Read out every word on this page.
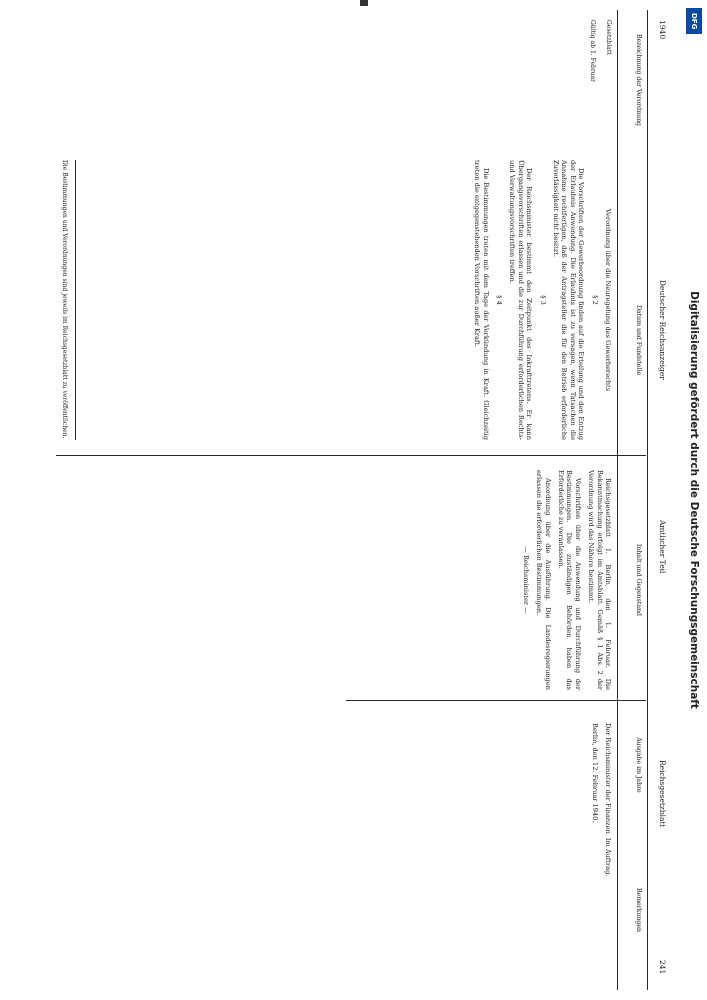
1940
Deutscher Reichsanzeiger
Amtlicher Teil
Reichsgesetzblatt
241
Bezeichnung der Verordnung
Datum und Fundstelle
Inhalt und Gegenstand
Ausgabe im Jahre
Bemerkungen
Gültig ab 1. Februar Gesetzblatt

Verordnung über die Neuregelung des Gewerberechts

§ 2

Die Vorschriften der Gewerbeordnung finden auf die Erteilung und den Entzug der Erlaubnis Anwendung. Die Erlaubnis ist zu versagen, wenn Tatsachen die Annahme rechtfertigen, daß der Antragsteller die für den Betrieb erforderliche Zuverlässigkeit nicht besitzt.

§ 3

Der Reichsminister bestimmt den Zeitpunkt des Inkrafttretens. Er kann Übergangsvorschriften erlassen und die zur Durchführung erforderlichen Rechts- und Verwaltungsvorschriften treffen.

§ 4

Die Bestimmungen treten mit dem Tage der Verkündung in Kraft. Gleichzeitig treten die entgegenstehenden Vorschriften außer Kraft.

Reichsgesetzblatt I. Berlin, den 1. Februar. Die Bekanntmachung erfolgt im Amtsblatt. Gemäß § 1 Abs. 2 der Verordnung wird das Nähere bestimmt.

Vorschriften über die Anwendung und Durchführung der Bestimmungen. Die zuständigen Behörden haben das Erforderliche zu veranlassen.

Anordnung über die Ausführung. Die Landesregierungen erlassen die erforderlichen Bestimmungen.

— Reichsminister —

Der Reichsminister der Finanzen. Im Auftrag.

Berlin, den 12. Februar 1940.

Die Bestimmungen und Verordnungen sind jeweils im Reichsgesetzblatt zu veröffentlichen.
DFG
Digitalisierung gefördert durch die Deutsche Forschungsgemeinschaft
